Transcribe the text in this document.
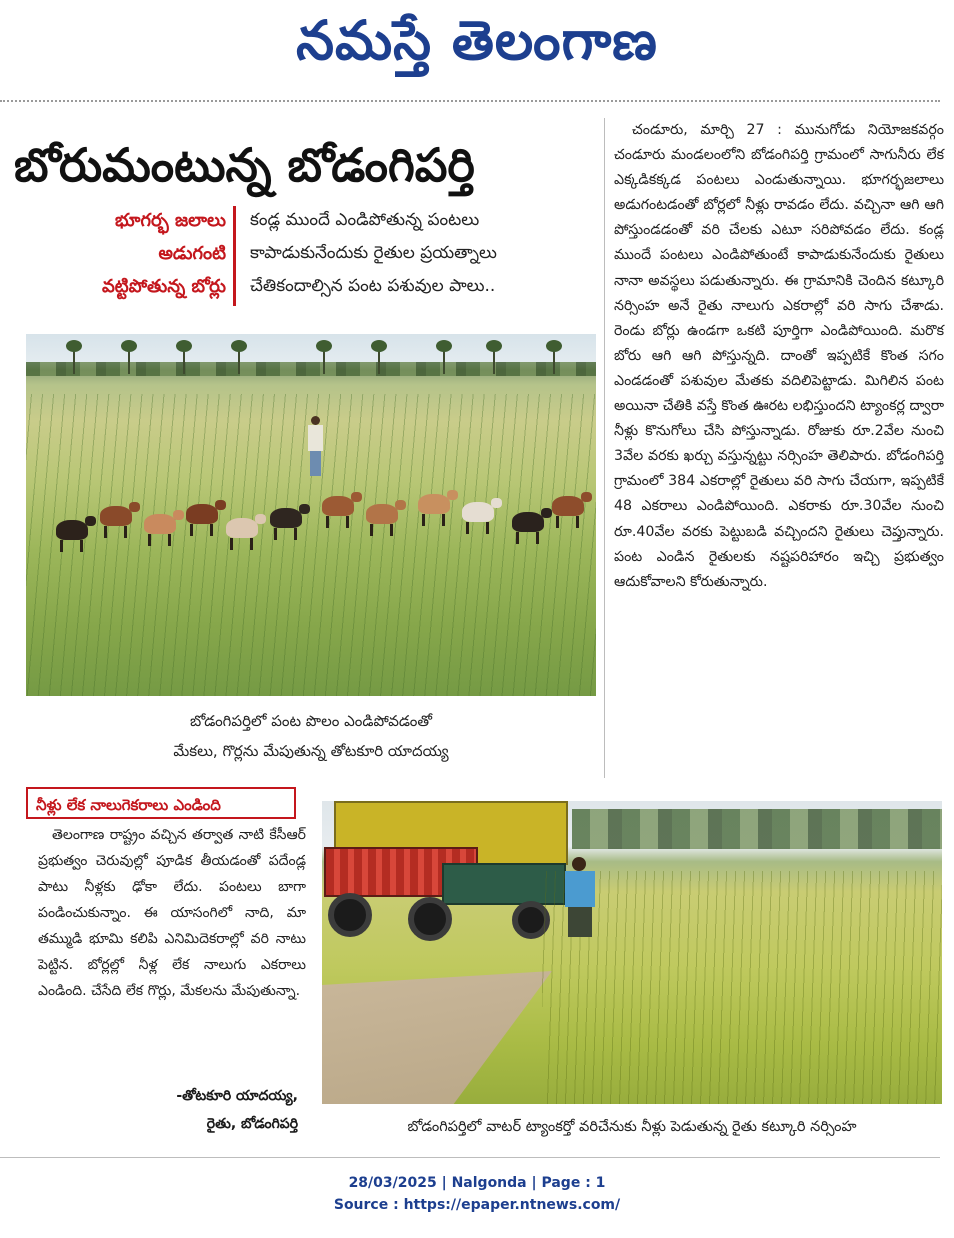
నమస్తే తెలంగాణ
బోరుమంటున్న బోడంగిపర్తి
భూగర్భ జలాలు
అడుగంటి
వట్టిపోతున్న బోర్లు
కండ్ల ముందే ఎండిపోతున్న పంటలు
కాపాడుకునేందుకు రైతుల ప్రయత్నాలు
చేతికందాల్సిన పంట పశువుల పాలు..
బోడంగిపర్తిలో పంట పొలం ఎండిపోవడంతో
మేకలు, గొర్లను మేపుతున్న తోటకూరి యాదయ్య

చండూరు, మార్చి 27 : మునుగోడు నియోజకవర్గం చండూరు మండలంలోని బోడంగిపర్తి గ్రామంలో సాగునీరు లేక ఎక్కడికక్కడ పంటలు ఎండుతున్నాయి. భూగర్భజలాలు అడుగంటడంతో బోర్లలో నీళ్లు రావడం లేదు. వచ్చినా ఆగి ఆగి పోస్తుండడంతో వరి చేలకు ఎటూ సరిపోవడం లేదు. కండ్ల ముందే పంటలు ఎండిపోతుంటే కాపాడుకునేందుకు రైతులు నానా అవస్థలు పడుతున్నారు. ఈ గ్రామానికి చెందిన కట్కూరి నర్సింహ అనే రైతు నాలుగు ఎకరాల్లో వరి సాగు చేశాడు. రెండు బోర్లు ఉండగా ఒకటి పూర్తిగా ఎండిపోయింది. మరొక బోరు ఆగి ఆగి పోస్తున్నది. దాంతో ఇప్పటికే కొంత సగం ఎండడంతో పశువుల మేతకు వదిలిపెట్టాడు. మిగిలిన పంట అయినా చేతికి వస్తే కొంత ఊరట లభిస్తుందని ట్యాంకర్ల ద్వారా నీళ్లు కొనుగోలు చేసి పోస్తున్నాడు. రోజుకు రూ.2వేల నుంచి 3వేల వరకు ఖర్చు వస్తున్నట్టు నర్సింహ తెలిపారు. బోడంగిపర్తి గ్రామంలో 384 ఎకరాల్లో రైతులు వరి సాగు చేయగా, ఇప్పటికే 48 ఎకరాలు ఎండిపోయింది. ఎకరాకు రూ.30వేల నుంచి రూ.40వేల వరకు పెట్టుబడి వచ్చిందని రైతులు చెప్తున్నారు. పంట ఎండిన రైతులకు నష్టపరిహారం ఇచ్చి ప్రభుత్వం ఆదుకోవాలని కోరుతున్నారు.

నీళ్లు లేక నాలుగెకరాలు ఎండింది

తెలంగాణ రాష్ట్రం వచ్చిన తర్వాత నాటి కేసీఆర్ ప్రభుత్వం చెరువుల్లో పూడిక తీయడంతో పదేండ్ల పాటు నీళ్లకు ఢోకా లేదు. పంటలు బాగా పండించుకున్నాం. ఈ యాసంగిలో నాది, మా తమ్ముడి భూమి కలిపి ఎనిమిదెకరాల్లో వరి నాటు పెట్టిన. బోర్లల్లో నీళ్ల లేక నాలుగు ఎకరాలు ఎండింది. చేసేది లేక గొర్లు, మేకలను మేపుతున్నా.

-తోటకూరి యాదయ్య,
రైతు, బోడంగిపర్తి	బోడంగిపర్తిలో వాటర్ ట్యాంకర్తో వరిచేనుకు నీళ్లు పెడుతున్న రైతు కట్కూరి నర్సింహ
28/03/2025 | Nalgonda | Page : 1
Source : https://epaper.ntnews.com/
